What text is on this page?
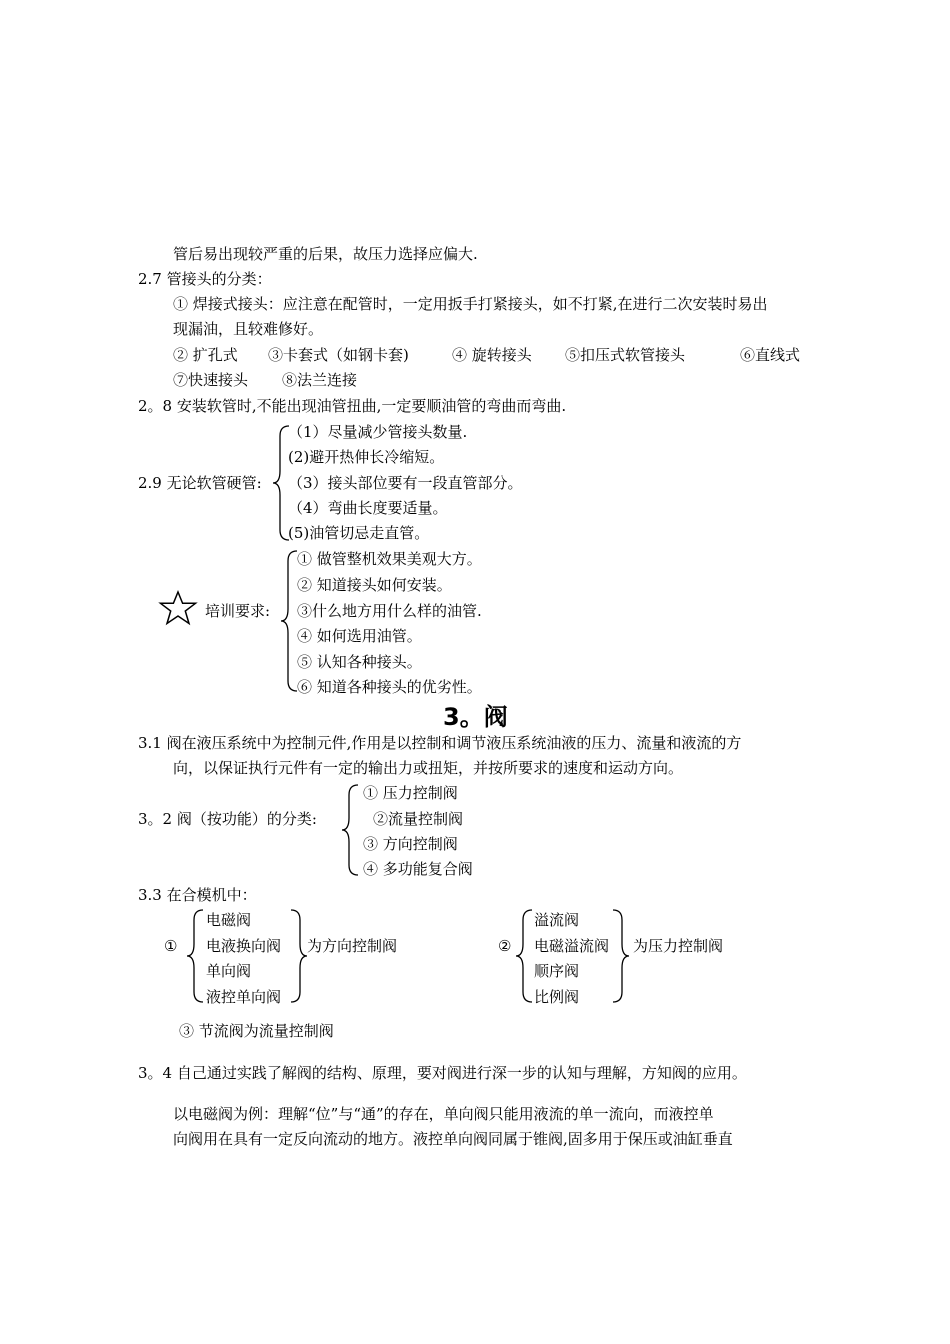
管后易出现较严重的后果，故压力选择应偏大.
2.7 管接头的分类：
① 焊接式接头：应注意在配管时，一定用扳手打紧接头，如不打紧,在进行二次安装时易出
现漏油，且较难修好。
② 扩孔式 ③卡套式（如钢卡套)	④ 旋转接头 ⑤扣压式软管接头	⑥直线式
⑦快速接头 ⑧法兰连接
2。8 安装软管时,不能出现油管扭曲,一定要顺油管的弯曲而弯曲.
2.9 无论软管硬管:
（1）尽量减少管接头数量.
(2)避开热伸长冷缩短。
（3）接头部位要有一段直管部分。
（4）弯曲长度要适量。
(5)油管切忌走直管。
培训要求:
① 做管整机效果美观大方。
② 知道接头如何安装。
③什么地方用什么样的油管.
④ 如何选用油管。
⑤ 认知各种接头。
⑥ 知道各种接头的优劣性。
3。阀
3.1 阀在液压系统中为控制元件,作用是以控制和调节液压系统油液的压力、流量和液流的方
向，以保证执行元件有一定的输出力或扭矩，并按所要求的速度和运动方向。
3。2 阀（按功能）的分类:
① 压力控制阀
②流量控制阀
③ 方向控制阀
④ 多功能复合阀
3.3 在合模机中：
①
电磁阀
电液换向阀
单向阀
液控单向阀
为方向控制阀	②
溢流阀
电磁溢流阀
顺序阀
比例阀
为压力控制阀
③ 节流阀为流量控制阀
3。4 自己通过实践了解阀的结构、原理，要对阀进行深一步的认知与理解，方知阀的应用。
以电磁阀为例：理解“位”与“通”的存在，单向阀只能用液流的单一流向，而液控单
向阀用在具有一定反向流动的地方。液控单向阀同属于锥阀,固多用于保压或油缸垂直
